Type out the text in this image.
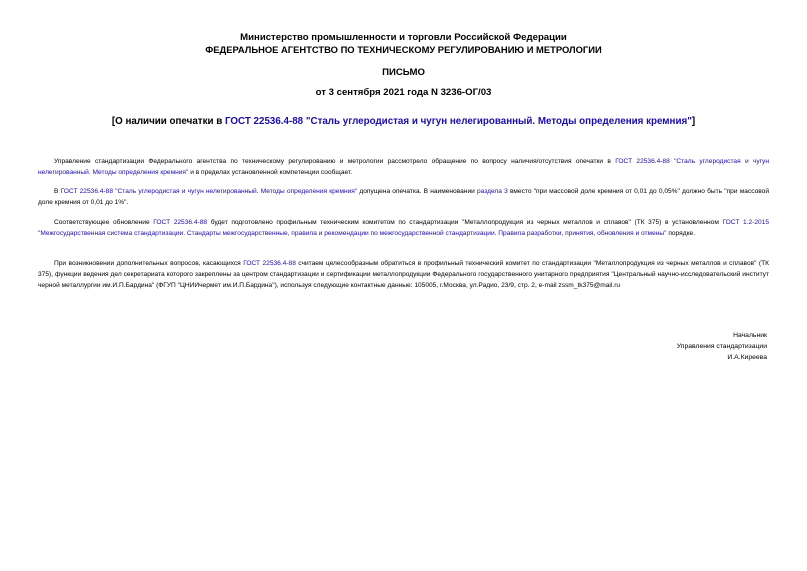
Министерство промышленности и торговли Российской Федерации
ФЕДЕРАЛЬНОЕ АГЕНТСТВО ПО ТЕХНИЧЕСКОМУ РЕГУЛИРОВАНИЮ И МЕТРОЛОГИИ
ПИСЬМО
от 3 сентября 2021 года N 3236-ОГ/03
[О наличии опечатки в ГОСТ 22536.4-88 "Сталь углеродистая и чугун нелегированный. Методы определения кремния"]

Управление стандартизации Федерального агентства по техническому регулированию и метрологии рассмотрело обращение по вопросу наличия/отсутствия опечатки в ГОСТ 22536.4-88 "Сталь углеродистая и чугун нелегированный. Методы определения кремния" и в пределах установленной компетенции сообщает.

В ГОСТ 22536.4-88 "Сталь углеродистая и чугун нелегированный. Методы определения кремния" допущена опечатка. В наименовании раздела 3 вместо "при массовой доле кремния от 0,01 до 0,05%" должно быть "при массовой доле кремния от 0,01 до 1%".

Соответствующее обновление ГОСТ 22536.4-88 будет подготовлено профильным техническим комитетом по стандартизации "Металлопродукция из черных металлов и сплавов" (ТК 375) в установленном ГОСТ 1.2-2015 "Межгосударственная система стандартизации. Стандарты межгосударственные, правила и рекомендации по межгосударственной стандартизации. Правила разработки, принятия, обновления и отмены" порядке.

При возникновении дополнительных вопросов, касающихся ГОСТ 22536.4-88 считаем целесообразным обратиться в профильный технический комитет по стандартизации "Металлопродукция из черных металлов и сплавов" (ТК 375), функции ведения дел секретариата которого закреплены за центром стандартизации и сертификации металлопродукции Федерального государственного унитарного предприятия "Центральный научно-исследовательский институт черной металлургии им.И.П.Бардина" (ФГУП "ЦНИИчермет им.И.П.Бардина"), используя следующие контактные данные: 105005, г.Москва, ул.Радио, 23/9, стр. 2, e-mail zssm_tk375@mail.ru

Начальник
Управления стандартизации
И.А.Киреева
